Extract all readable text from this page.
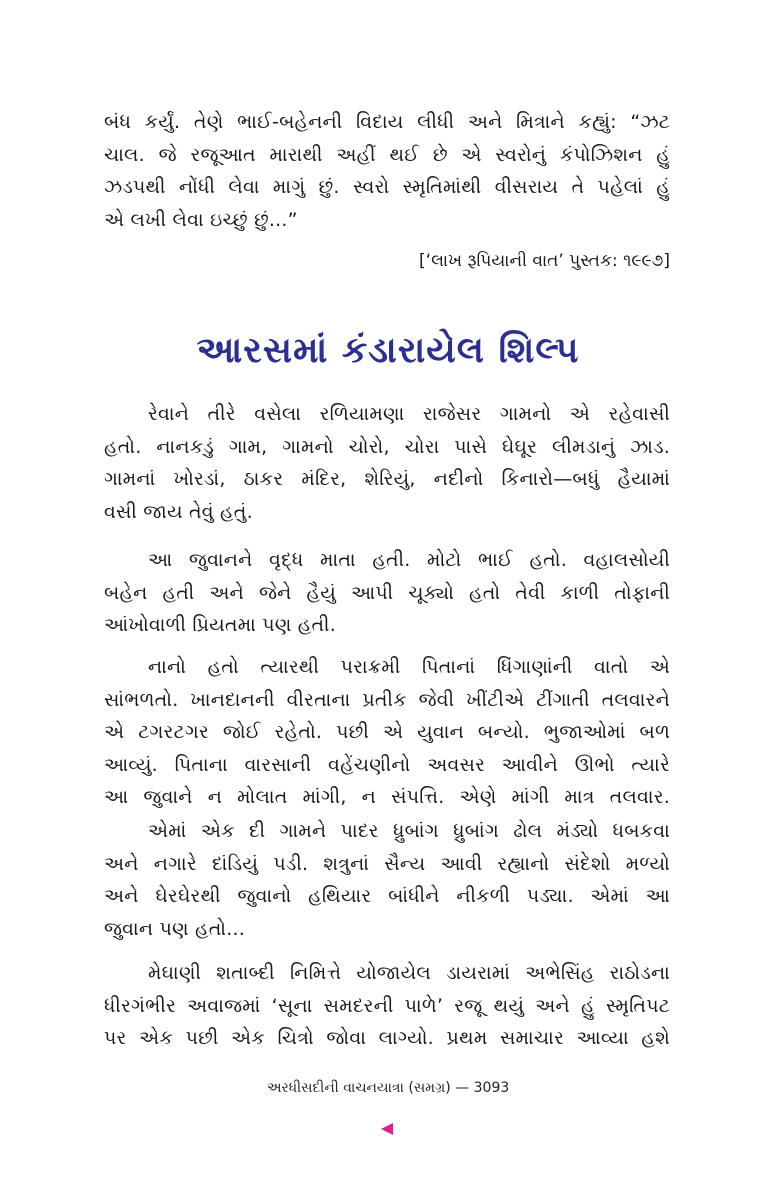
બંધ કર્યું. તેણે ભાઈ-બહેનની વિદાય લીધી અને મિત્રાને કહ્યું: “ઝટ
ચાલ. જે રજૂઆત મારાથી અહીં થઈ છે એ સ્વરોનું કંપોઝિશન હું
ઝડપથી નોંધી લેવા માગું છું. સ્વરો સ્મૃતિમાંથી વીસરાય તે પહેલાં હું
એ લખી લેવા ઇચ્છું છું...”
[‘લાખ રૂપિયાની વાત’ પુસ્તક: ૧૯૯૭]
આરસમાં કંડારાયેલ શિલ્પ
રેવાને તીરે વસેલા રળિયામણા રાજેસર ગામનો એ રહેવાસી
હતો. નાનકડું ગામ, ગામનો ચોરો, ચોરા પાસે ઘેઘૂર લીમડાનું ઝાડ.
ગામનાં ખોરડાં, ઠાકર મંદિર, શેરિયું, નદીનો કિનારો—બધું હૈયામાં
વસી જાય તેવું હતું.
આ જુવાનને વૃદ્ધ માતા હતી. મોટો ભાઈ હતો. વહાલસોયી
બહેન હતી અને જેને હૈયું આપી ચૂક્યો હતો તેવી કાળી તોફાની
આંખોવાળી પ્રિયતમા પણ હતી.
નાનો હતો ત્યારથી પરાક્રમી પિતાનાં ધિંગાણાંની વાતો એ
સાંભળતો. ખાનદાનની વીરતાના પ્રતીક જેવી ખીંટીએ ટીંગાતી તલવારને
એ ટગરટગર જોઈ રહેતો. પછી એ યુવાન બન્યો. ભુજાઓમાં બળ
આવ્યું. પિતાના વારસાની વહેંચણીનો અવસર આવીને ઊભો ત્યારે
આ જુવાને ન મોલાત માંગી, ન સંપત્તિ. એણે માંગી માત્ર તલવાર.
એમાં એક દી ગામને પાદર ધ્રુબાંગ ધ્રુબાંગ ઢોલ મંડ્યો ધબકવા
અને નગારે દાંડિયું પડી. શત્રુનાં સૈન્ય આવી રહ્યાનો સંદેશો મળ્યો
અને ઘેરઘેરથી જુવાનો હથિયાર બાંધીને નીકળી પડ્યા. એમાં આ
જુવાન પણ હતો...
મેઘાણી શતાબ્દી નિમિત્તે યોજાયેલ ડાયરામાં અભેસિંહ રાઠોડના
ધીરગંભીર અવાજમાં ‘સૂના સમદરની પાળે’ રજૂ થયું અને હું સ્મૃતિપટ
પર એક પછી એક ચિત્રો જોવા લાગ્યો. પ્રથમ સમાચાર આવ્યા હશે
અરધીસદીની વાચનયાત્રા (સમગ્ર) — 3093
